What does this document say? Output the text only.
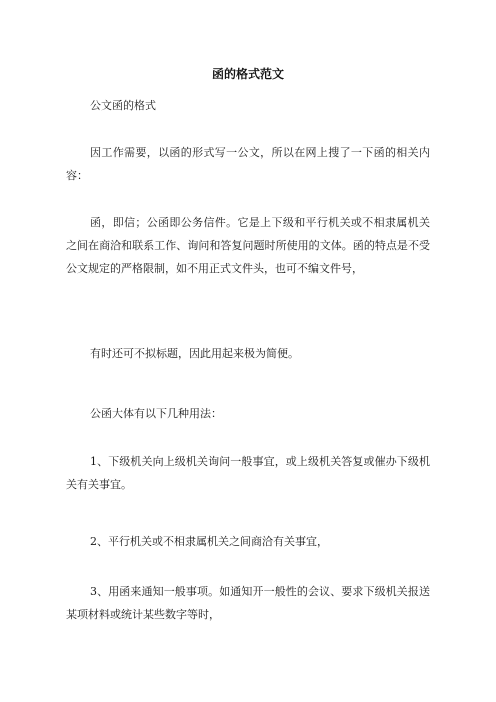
函的格式范文
公文函的格式
因工作需要，以函的形式写一公文，所以在网上搜了一下函的相关内容：
函，即信；公函即公务信件。它是上下级和平行机关或不相隶属机关之间在商洽和联系工作、询问和答复问题时所使用的文体。函的特点是不受公文规定的严格限制，如不用正式文件头，也可不编文件号，
有时还可不拟标题，因此用起来极为简便。
公函大体有以下几种用法：
1、下级机关向上级机关询问一般事宜，或上级机关答复或催办下级机关有关事宜。
2、平行机关或不相隶属机关之间商洽有关事宜，
3、用函来通知一般事项。如通知开一般性的会议、要求下级机关报送某项材料或统计某些数字等时，
